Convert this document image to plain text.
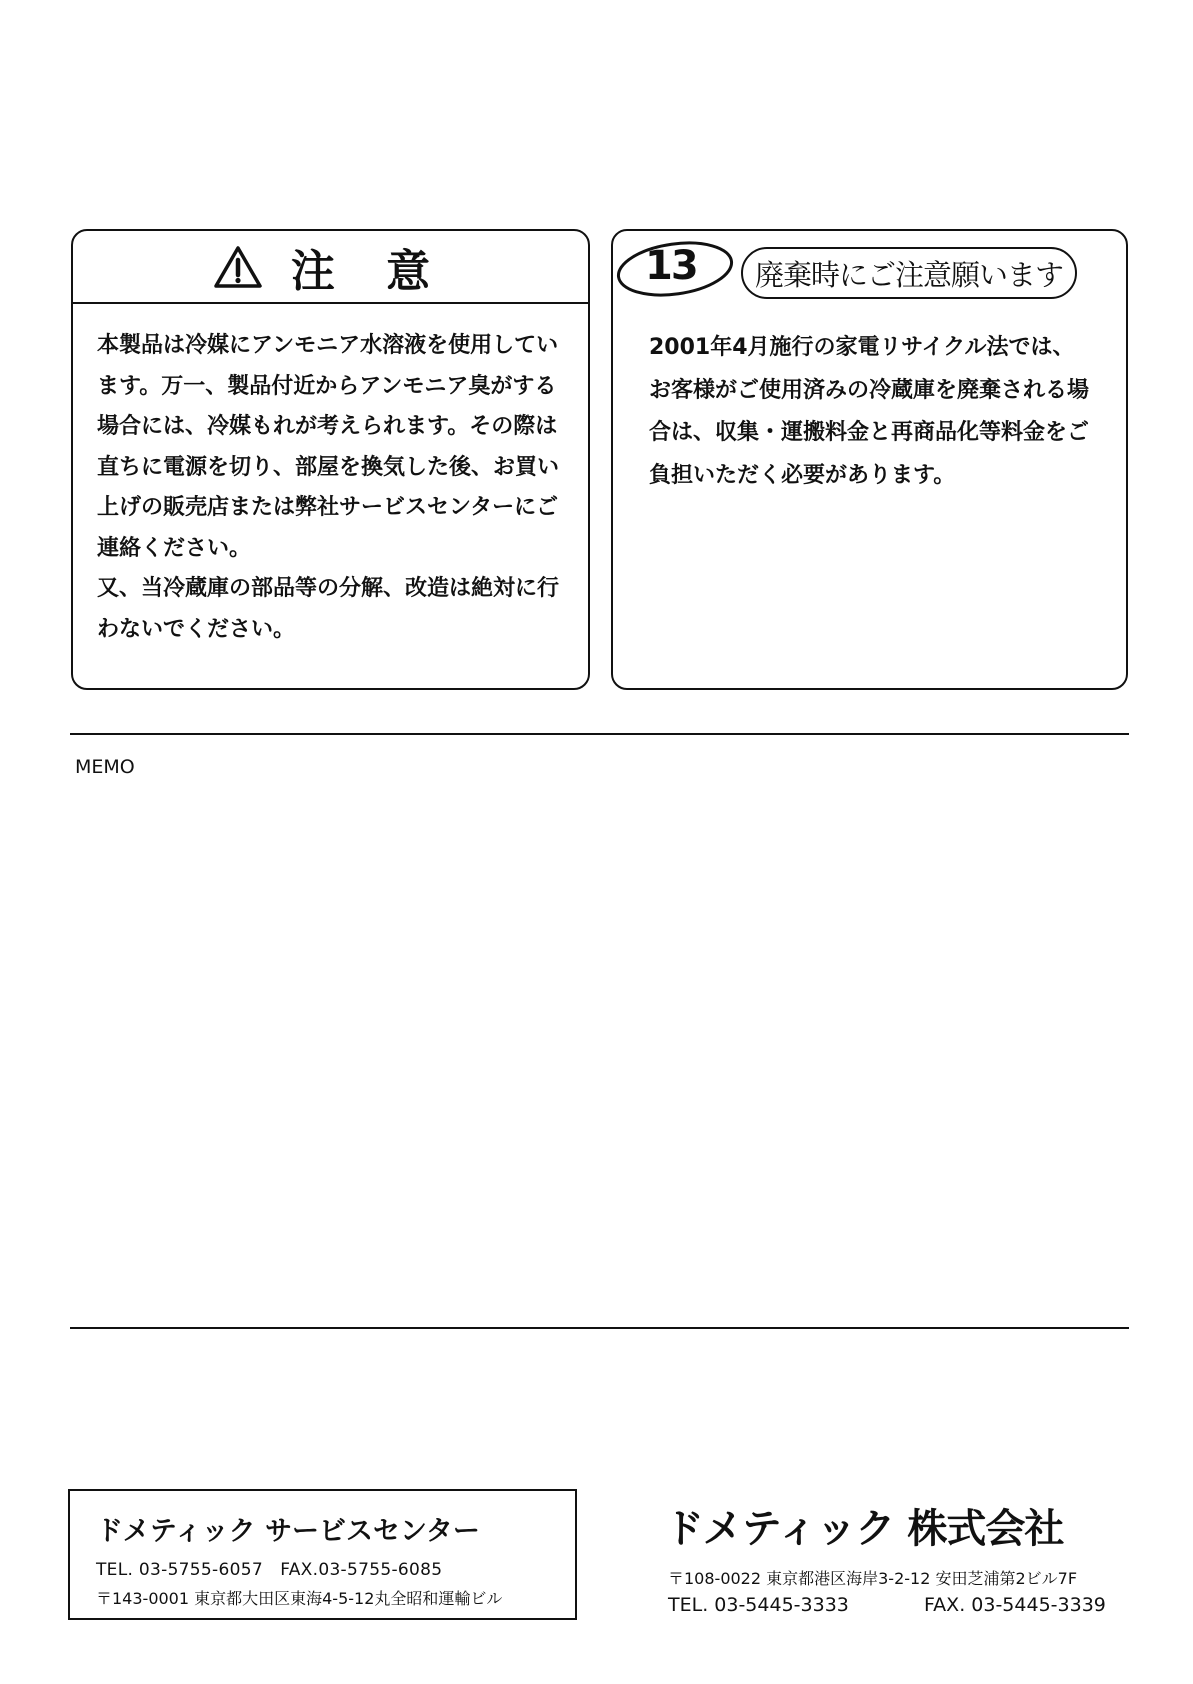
注 意
本製品は冷媒にアンモニア水溶液を使用してい
ます。万一、製品付近からアンモニア臭がする
場合には、冷媒もれが考えられます。その際は
直ちに電源を切り、部屋を換気した後、お買い
上げの販売店または弊社サービスセンターにご
連絡ください。
又、当冷蔵庫の部品等の分解、改造は絶対に行
わないでください。
13 廃棄時にご注意願います
2001年4月施行の家電リサイクル法では、
お客様がご使用済みの冷蔵庫を廃棄される場
合は、収集・運搬料金と再商品化等料金をご
負担いただく必要があります。
MEMO
ドメティック サービスセンター
TEL. 03-5755-6057　FAX.03-5755-6085
〒143-0001 東京都大田区東海4-5-12丸全昭和運輸ビル
ドメティック 株式会社
〒108-0022 東京都港区海岸3-2-12 安田芝浦第2ビル7F
TEL. 03-5445-3333	FAX. 03-5445-3339
